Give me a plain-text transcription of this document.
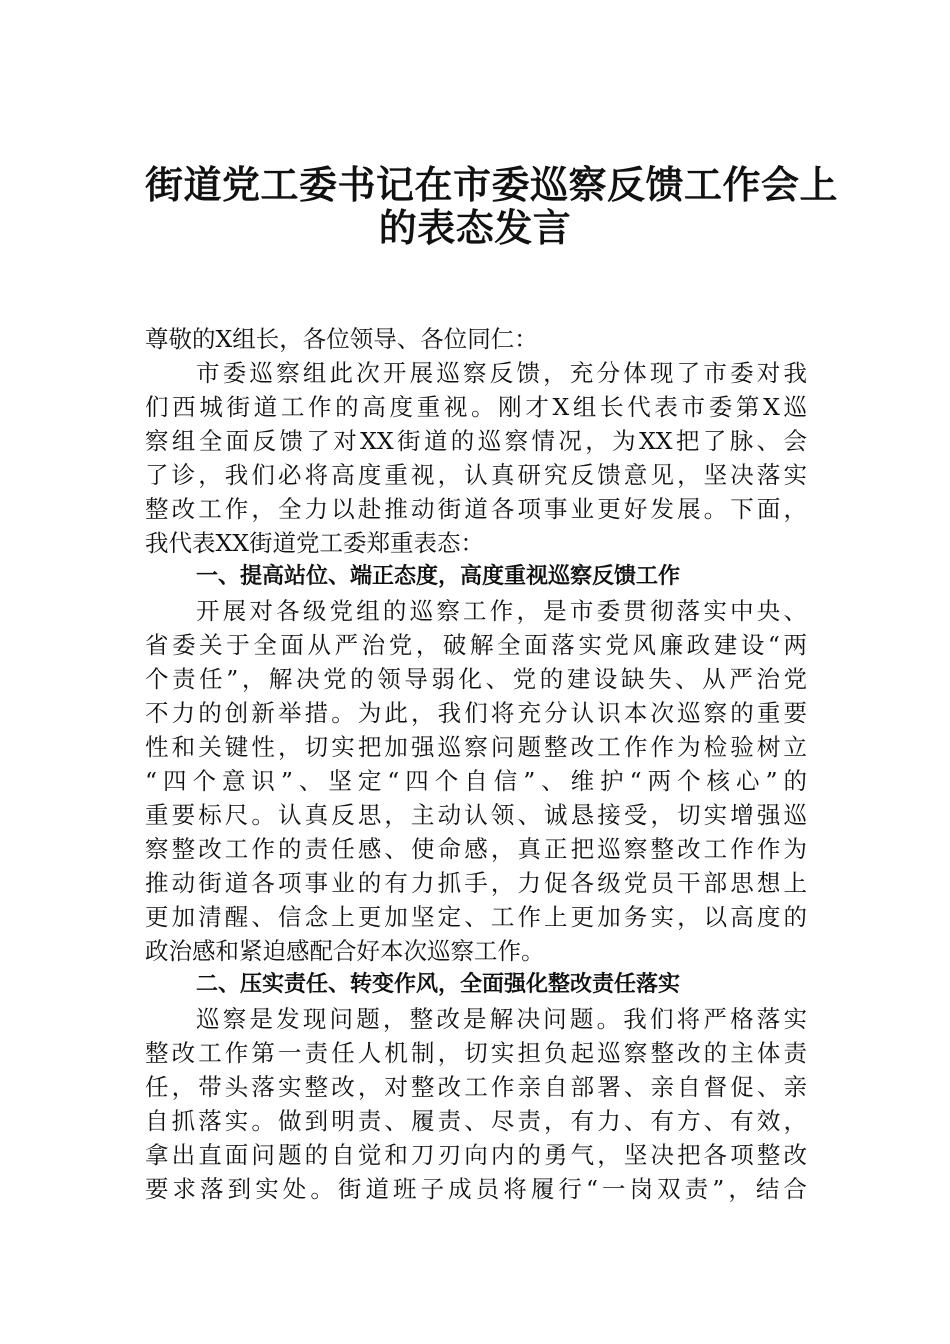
街道党工委书记在市委巡察反馈工作会上
的表态发言
尊敬的X组长，各位领导、各位同仁：
市委巡察组此次开展巡察反馈，充分体现了市委对我
们西城街道工作的高度重视。刚才X组长代表市委第X巡
察组全面反馈了对XX街道的巡察情况，为XX把了脉、会
了诊，我们必将高度重视，认真研究反馈意见，坚决落实
整改工作，全力以赴推动街道各项事业更好发展。下面，
我代表XX街道党工委郑重表态：
一、提高站位、端正态度，高度重视巡察反馈工作
开展对各级党组的巡察工作，是市委贯彻落实中央、
省委关于全面从严治党，破解全面落实党风廉政建设“两
个责任”，解决党的领导弱化、党的建设缺失、从严治党
不力的创新举措。为此，我们将充分认识本次巡察的重要
性和关键性，切实把加强巡察问题整改工作作为检验树立
“四个意识”、坚定“四个自信”、维护“两个核心”的
重要标尺。认真反思，主动认领、诚恳接受，切实增强巡
察整改工作的责任感、使命感，真正把巡察整改工作作为
推动街道各项事业的有力抓手，力促各级党员干部思想上
更加清醒、信念上更加坚定、工作上更加务实，以高度的
政治感和紧迫感配合好本次巡察工作。
二、压实责任、转变作风，全面强化整改责任落实
巡察是发现问题，整改是解决问题。我们将严格落实
整改工作第一责任人机制，切实担负起巡察整改的主体责
任，带头落实整改，对整改工作亲自部署、亲自督促、亲
自抓落实。做到明责、履责、尽责，有力、有方、有效，
拿出直面问题的自觉和刀刃向内的勇气，坚决把各项整改
要求落到实处。街道班子成员将履行“一岗双责”，结合
